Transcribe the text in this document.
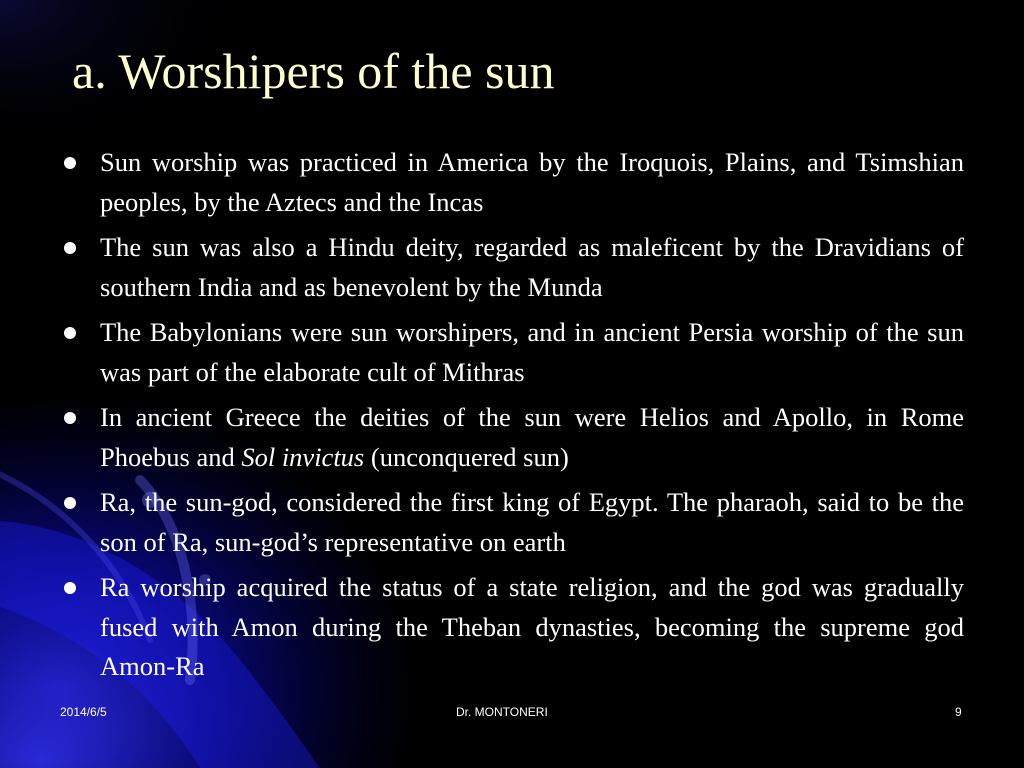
a. Worshipers of the sun
Sun worship was practiced in America by the Iroquois, Plains, and Tsimshian peoples, by the Aztecs and the Incas
The sun was also a Hindu deity, regarded as maleficent by the Dravidians of southern India and as benevolent by the Munda
The Babylonians were sun worshipers, and in ancient Persia worship of the sun was part of the elaborate cult of Mithras
In ancient Greece the deities of the sun were Helios and Apollo, in Rome Phoebus and Sol invictus (unconquered sun)
Ra, the sun-god, considered the first king of Egypt. The pharaoh, said to be the son of Ra, sun-god’s representative on earth
Ra worship acquired the status of a state religion, and the god was gradually fused with Amon during the Theban dynasties, becoming the supreme god Amon-Ra
2014/6/5	Dr. MONTONERI	9
